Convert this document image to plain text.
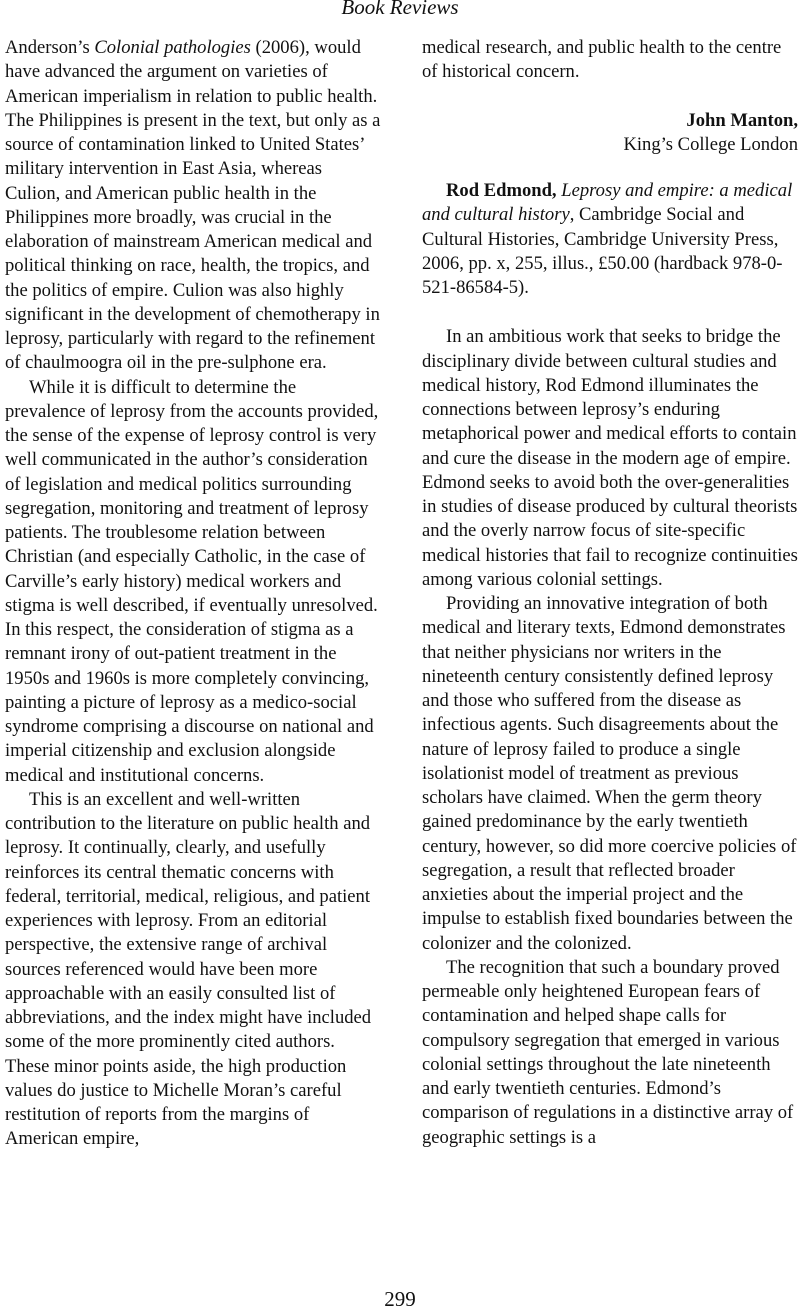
Book Reviews

Anderson’s Colonial pathologies (2006), would have advanced the argument on varieties of American imperialism in relation to public health. The Philippines is present in the text, but only as a source of contamination linked to United States’ military intervention in East Asia, whereas Culion, and American public health in the Philippines more broadly, was crucial in the elaboration of mainstream American medical and political thinking on race, health, the tropics, and the politics of empire. Culion was also highly significant in the development of chemotherapy in leprosy, particularly with regard to the refinement of chaulmoogra oil in the pre-sulphone era.

While it is difficult to determine the prevalence of leprosy from the accounts provided, the sense of the expense of leprosy control is very well communicated in the author’s consideration of legislation and medical politics surrounding segregation, monitoring and treatment of leprosy patients. The troublesome relation between Christian (and especially Catholic, in the case of Carville’s early history) medical workers and stigma is well described, if eventually unresolved. In this respect, the consideration of stigma as a remnant irony of out-patient treatment in the 1950s and 1960s is more completely convincing, painting a picture of leprosy as a medico-social syndrome comprising a discourse on national and imperial citizenship and exclusion alongside medical and institutional concerns.

This is an excellent and well-written contribution to the literature on public health and leprosy. It continually, clearly, and usefully reinforces its central thematic concerns with federal, territorial, medical, religious, and patient experiences with leprosy. From an editorial perspective, the extensive range of archival sources referenced would have been more approachable with an easily consulted list of abbreviations, and the index might have included some of the more prominently cited authors. These minor points aside, the high production values do justice to Michelle Moran’s careful restitution of reports from the margins of American empire,

medical research, and public health to the centre of historical concern.

John Manton,

King’s College London

Rod Edmond, Leprosy and empire: a medical and cultural history, Cambridge Social and Cultural Histories, Cambridge University Press, 2006, pp. x, 255, illus., £50.00 (hardback 978-0-521-86584-5).

In an ambitious work that seeks to bridge the disciplinary divide between cultural studies and medical history, Rod Edmond illuminates the connections between leprosy’s enduring metaphorical power and medical efforts to contain and cure the disease in the modern age of empire. Edmond seeks to avoid both the over-generalities in studies of disease produced by cultural theorists and the overly narrow focus of site-specific medical histories that fail to recognize continuities among various colonial settings.

Providing an innovative integration of both medical and literary texts, Edmond demonstrates that neither physicians nor writers in the nineteenth century consistently defined leprosy and those who suffered from the disease as infectious agents. Such disagreements about the nature of leprosy failed to produce a single isolationist model of treatment as previous scholars have claimed. When the germ theory gained predominance by the early twentieth century, however, so did more coercive policies of segregation, a result that reflected broader anxieties about the imperial project and the impulse to establish fixed boundaries between the colonizer and the colonized.

The recognition that such a boundary proved permeable only heightened European fears of contamination and helped shape calls for compulsory segregation that emerged in various colonial settings throughout the late nineteenth and early twentieth centuries. Edmond’s comparison of regulations in a distinctive array of geographic settings is a

299
